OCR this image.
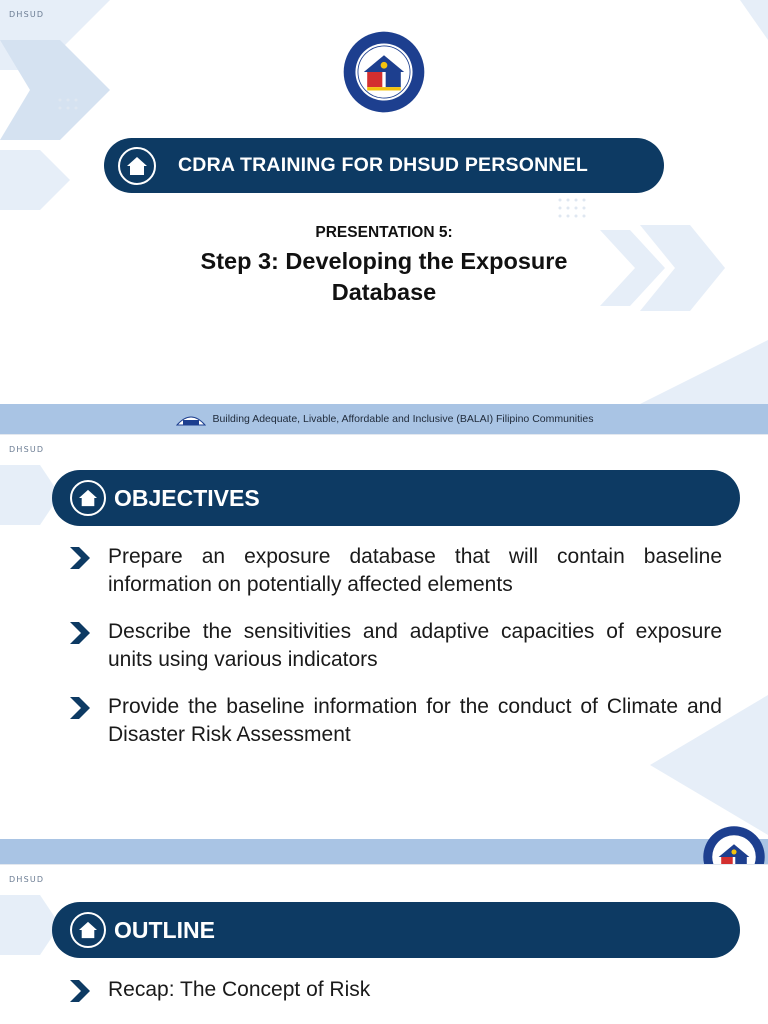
DHSUD
CDRA TRAINING FOR DHSUD PERSONNEL
PRESENTATION 5:
Step 3: Developing the Exposure Database
Building Adequate, Livable, Affordable and Inclusive (BALAI) Filipino Communities
DHSUD
OBJECTIVES
Prepare an exposure database that will contain baseline information on potentially affected elements
Describe the sensitivities and adaptive capacities of exposure units using various indicators
Provide the baseline information for the conduct of Climate and Disaster Risk Assessment
DHSUD
OUTLINE
Recap: The Concept of Risk
